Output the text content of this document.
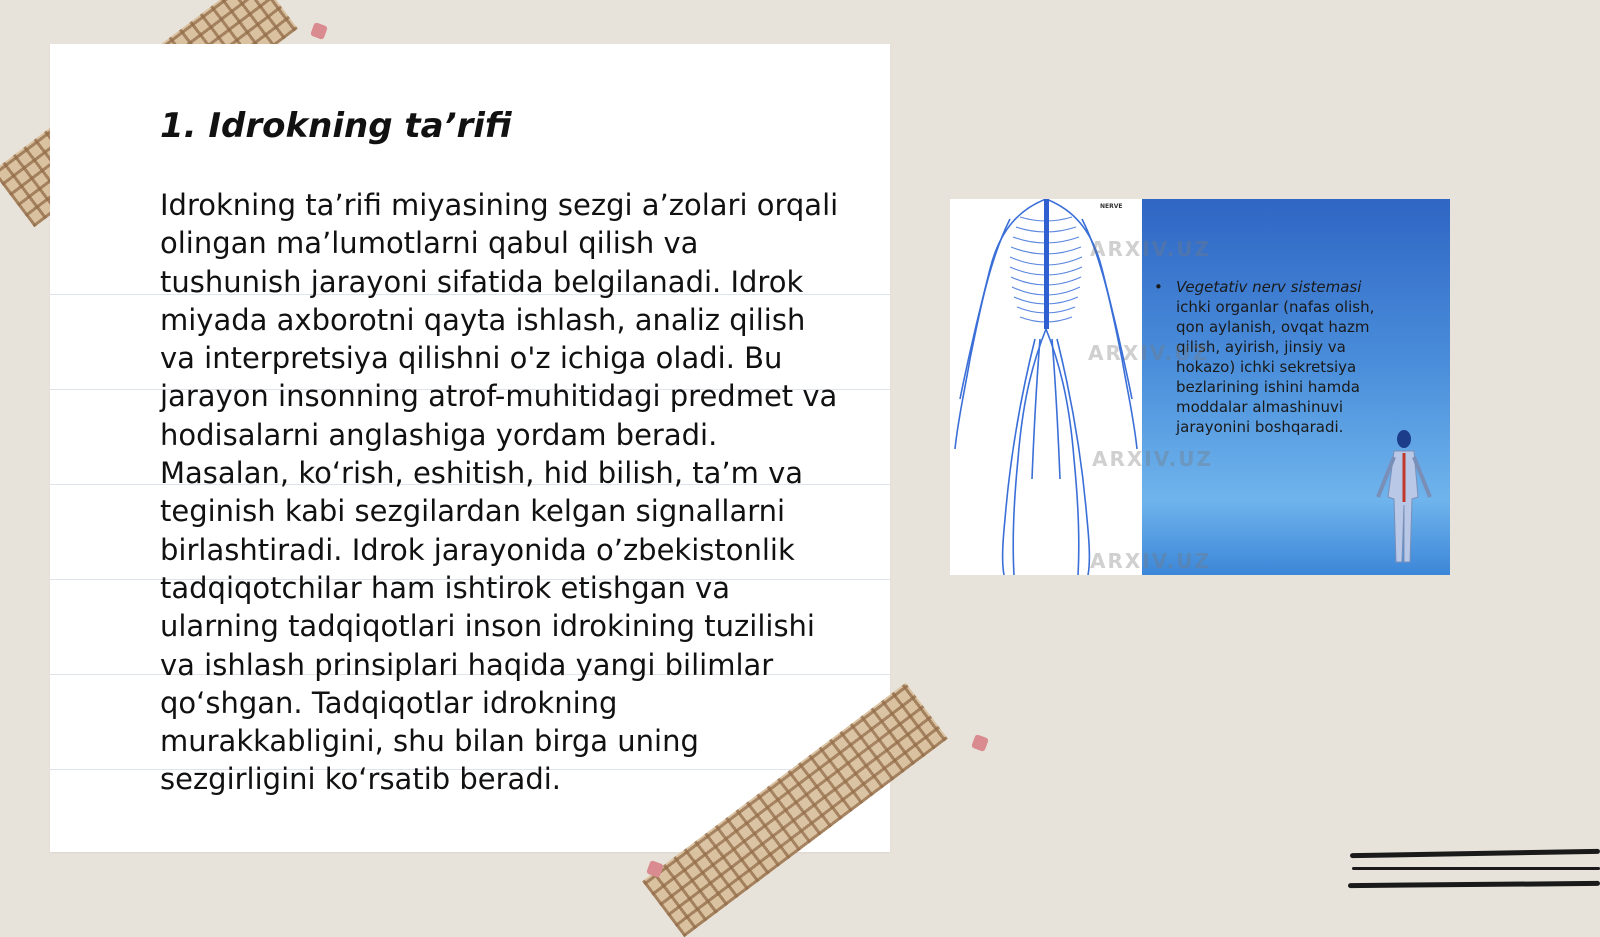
1. Idrokning ta’rifi

Idrokning ta’rifi miyasining sezgi a’zolari orqali olingan ma’lumotlarni qabul qilish va tushunish jarayoni sifatida belgilanadi. Idrok miyada axborotni qayta ishlash, analiz qilish va interpretsiya qilishni o'z ichiga oladi. Bu jarayon insonning atrof-muhitidagi predmet va hodisalarni anglashiga yordam beradi. Masalan, ko‘rish, eshitish, hid bilish, ta’m va teginish kabi sezgilardan kelgan signallarni birlashtiradi. Idrok jarayonida o’zbekistonlik tadqiqotchilar ham ishtirok etishgan va ularning tadqiqotlari inson idrokining tuzilishi va ishlash prinsiplari haqida yangi bilimlar qo‘shgan. Tadqiqotlar idrokning murakkabligini, shu bilan birga uning sezgirligini ko‘rsatib beradi.

NERVE
• Vegetativ nerv sistemasi ichki organlar (nafas olish, qon aylanish, ovqat hazm qilish, ayirish, jinsiy va hokazo) ichki sekretsiya bezlarining ishini hamda moddalar almashinuvi jarayonini boshqaradi.
ARXIV.UZ
ARXIV.UZ
ARXIV.UZ
ARXIV.UZ
